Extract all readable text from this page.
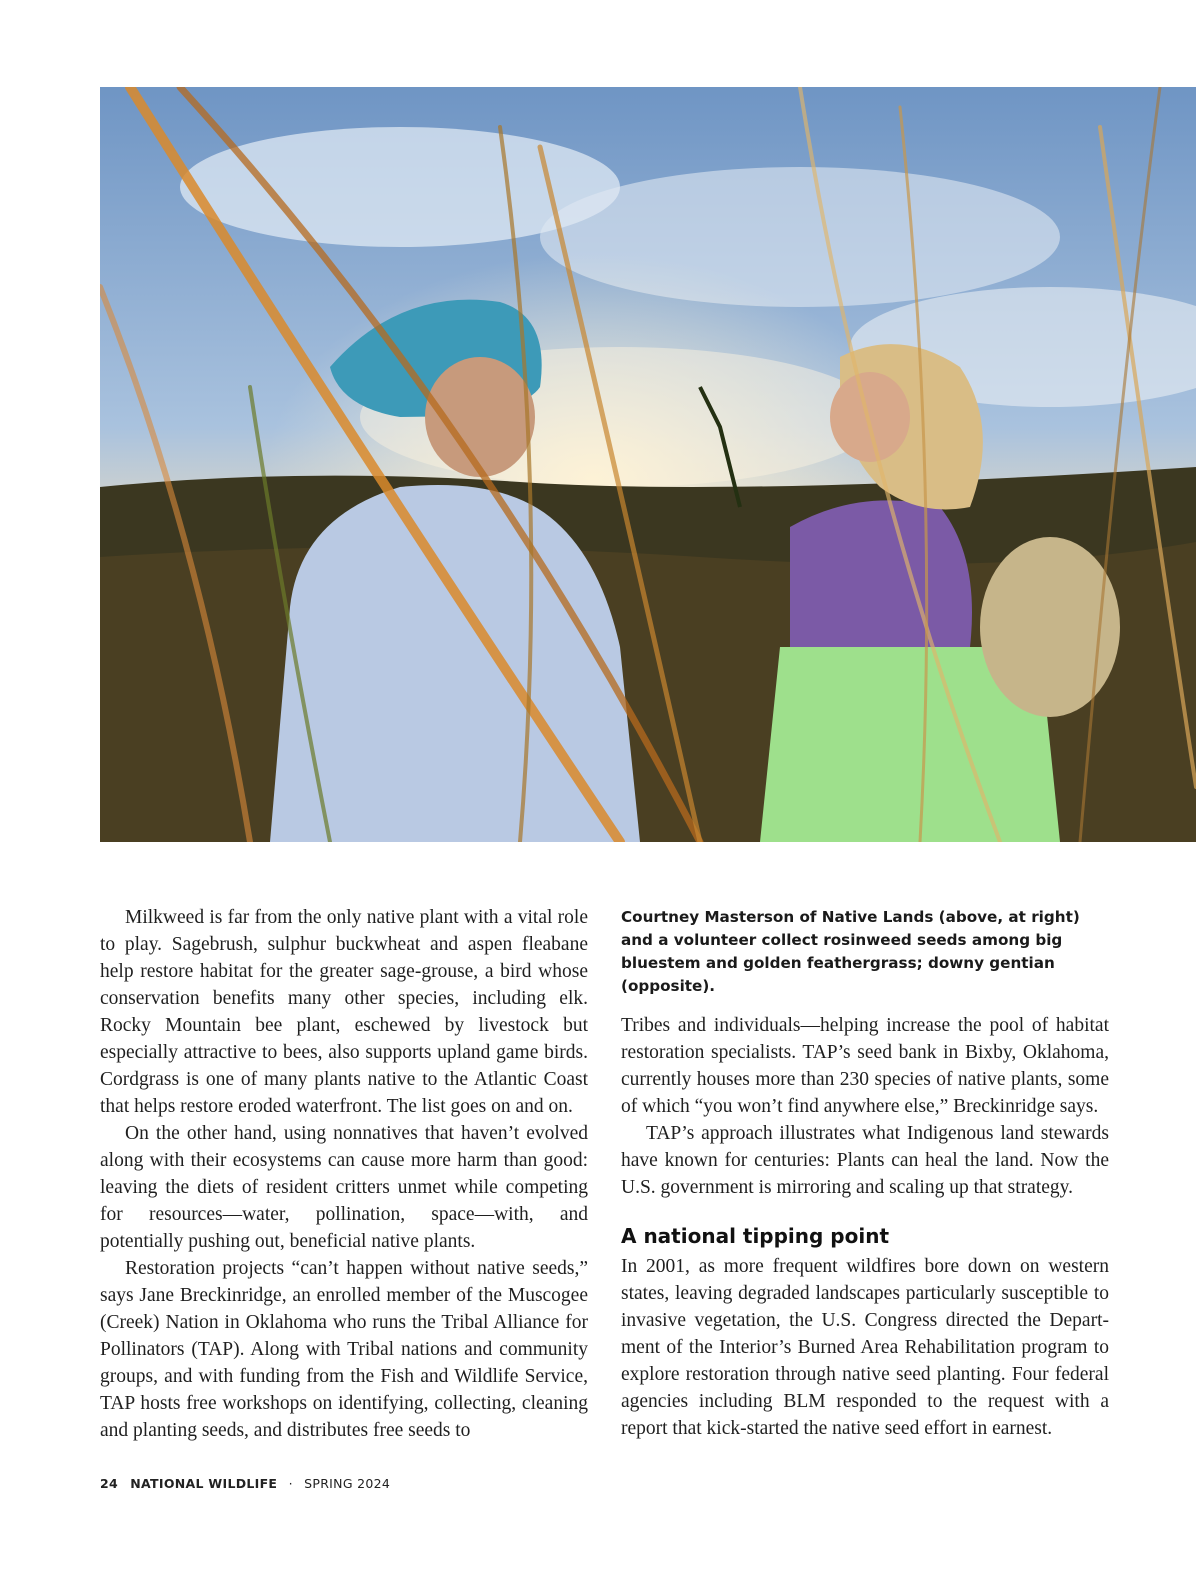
Milkweed is far from the only native plant with a vital role to play. Sagebrush, sulphur buckwheat and aspen fleabane help restore habitat for the greater sage-grouse, a bird whose conservation benefits many other species, including elk. Rocky Mountain bee plant, eschewed by livestock but especially attractive to bees, also supports upland game birds. Cordgrass is one of many plants native to the Atlantic Coast that helps restore eroded waterfront. The list goes on and on.

On the other hand, using nonnatives that haven’t evolved along with their ecosystems can cause more harm than good: leaving the diets of resident critters unmet while competing for resources—water, pollination, space—with, and potentially pushing out, beneficial native plants.

Restoration projects “can’t happen without native seeds,” says Jane Breckinridge, an enrolled member of the Muscogee (Creek) Nation in Oklahoma who runs the Tribal Alliance for Pollinators (TAP). Along with Tribal nations and community groups, and with funding from the Fish and Wildlife Service, TAP hosts free workshops on identifying, collecting, cleaning and planting seeds, and distributes free seeds to

Courtney Masterson of Native Lands (above, at right) and a volunteer collect rosinweed seeds among big bluestem and golden feathergrass; downy gentian (opposite).

Tribes and individuals—helping increase the pool of habitat restoration specialists. TAP’s seed bank in Bixby, Oklahoma, currently houses more than 230 species of native plants, some of which “you won’t find anywhere else,” Breckinridge says.

TAP’s approach illustrates what Indigenous land stewards have known for centuries: Plants can heal the land. Now the U.S. government is mirroring and scaling up that strategy.

A national tipping point

In 2001, as more frequent wildfires bore down on western states, leaving degraded landscapes particularly susceptible to invasive vegetation, the U.S. Congress directed the Department of the Interior’s Burned Area Rehabilitation program to explore restoration through native seed planting. Four federal agencies including BLM responded to the request with a report that kick-started the native seed effort in earnest.

24 NATIONAL WILDLIFE · SPRING 2024
